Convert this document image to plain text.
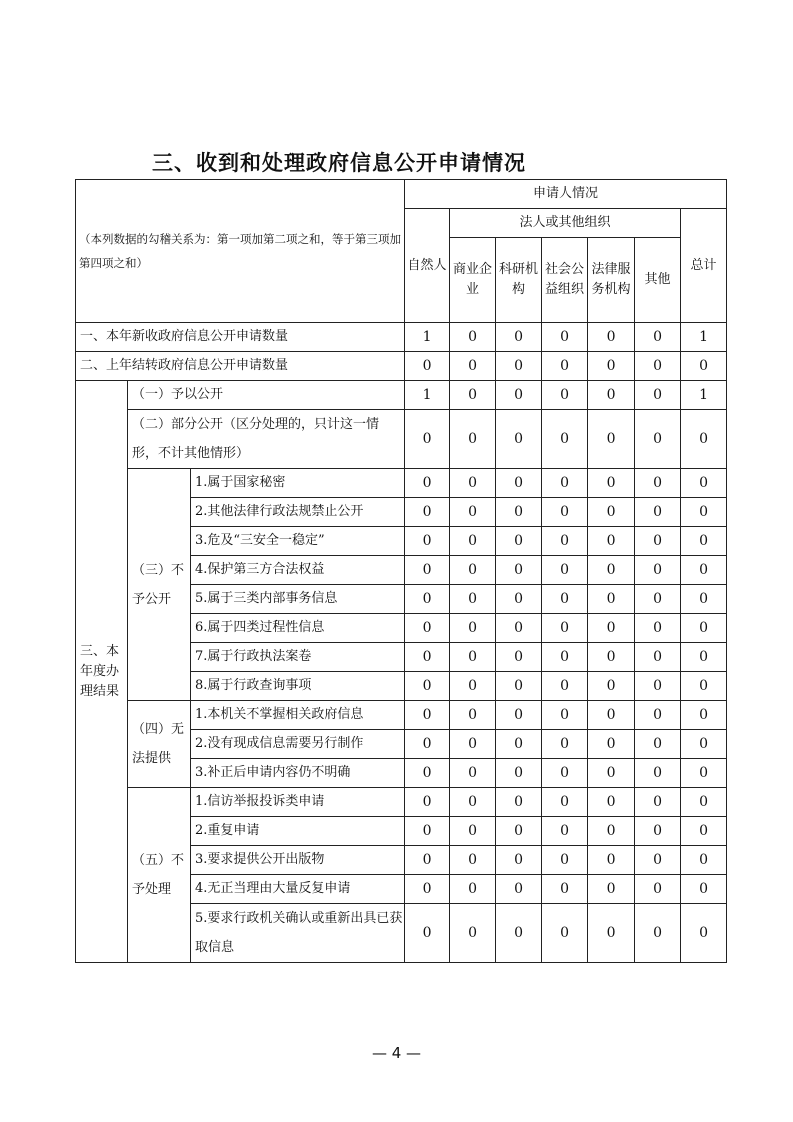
三、收到和处理政府信息公开申请情况
（本列数据的勾稽关系为：第一项加第二项之和，等于第三项加第四项之和）			申请人情况						
			自然人	法人或其他组织					总计
				商业企业	科研机构	社会公益组织	法律服务机构	其他	

一、本年新收政府信息公开申请数量			1	0	0	0	0	0	1
二、上年结转政府信息公开申请数量			0	0	0	0	0	0	0
三、本年度办理结果	（一）予以公开		1	0	0	0	0	0	1
	（二）部分公开（区分处理的，只计这一情形，不计其他情形）		0	0	0	0	0	0	0
	（三）不予公开	1.属于国家秘密	0	0	0	0	0	0	0
		2.其他法律行政法规禁止公开	0	0	0	0	0	0	0
		3.危及“三安全一稳定”	0	0	0	0	0	0	0
		4.保护第三方合法权益	0	0	0	0	0	0	0
		5.属于三类内部事务信息	0	0	0	0	0	0	0
		6.属于四类过程性信息	0	0	0	0	0	0	0
		7.属于行政执法案卷	0	0	0	0	0	0	0
		8.属于行政查询事项	0	0	0	0	0	0	0
	（四）无法提供	1.本机关不掌握相关政府信息	0	0	0	0	0	0	0
		2.没有现成信息需要另行制作	0	0	0	0	0	0	0
		3.补正后申请内容仍不明确	0	0	0	0	0	0	0
	（五）不予处理	1.信访举报投诉类申请	0	0	0	0	0	0	0
		2.重复申请	0	0	0	0	0	0	0
		3.要求提供公开出版物	0	0	0	0	0	0	0
		4.无正当理由大量反复申请	0	0	0	0	0	0	0
		5.要求行政机关确认或重新出具已获取信息	0	0	0	0	0	0	0
— 4 —
